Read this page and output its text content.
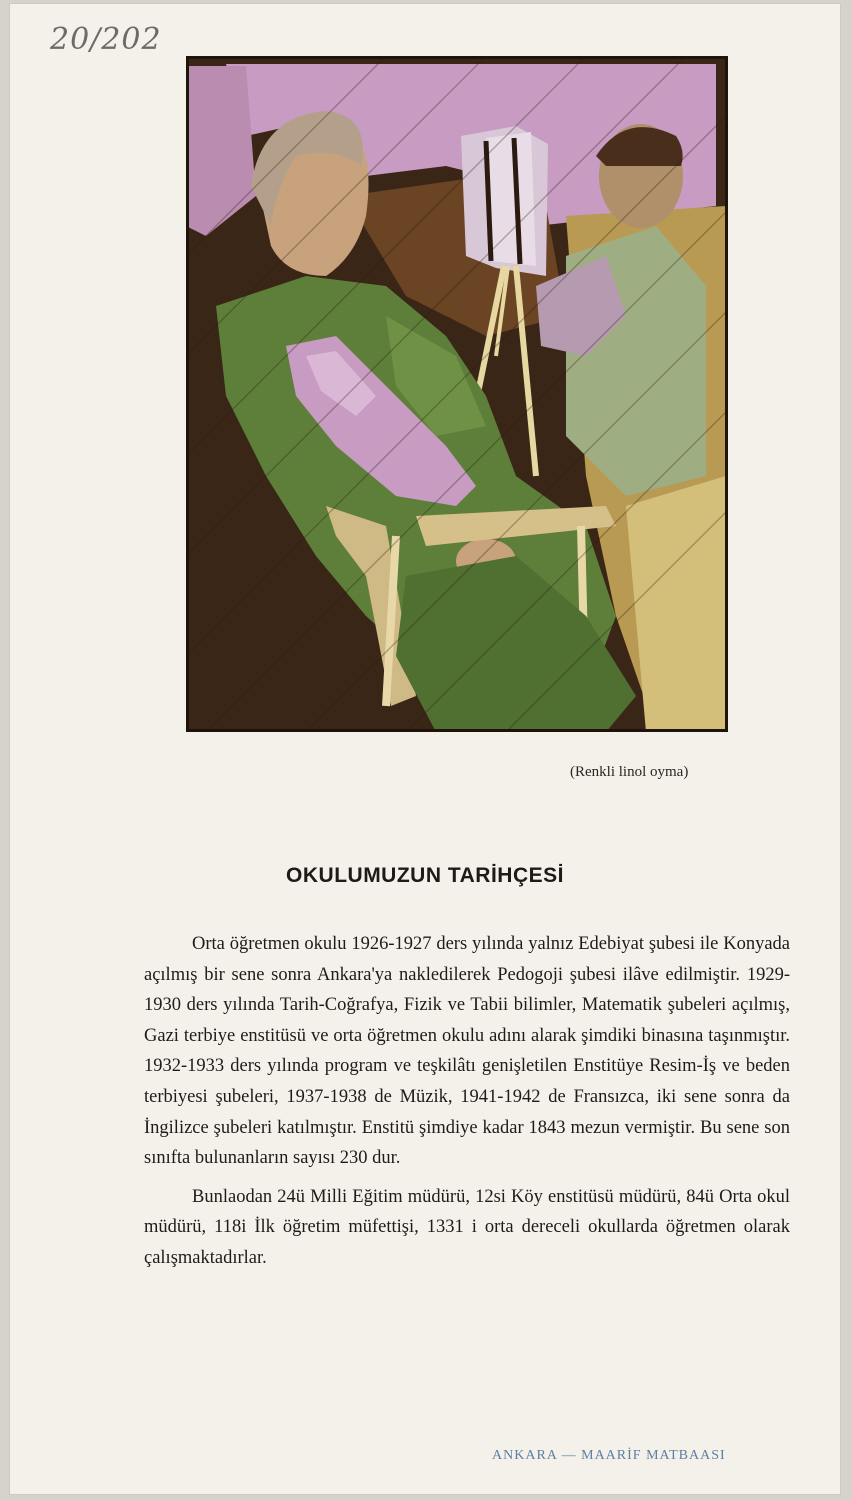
20/202
(Renkli linol oyma)
OKULUMUZUN TARİHÇESİ

Orta öğretmen okulu 1926-1927 ders yılında yalnız Edebiyat şubesi ile Konyada açılmış bir sene sonra Ankara'ya nakledilerek Pedogoji şubesi ilâve edilmiştir. 1929-1930 ders yılında Tarih-Coğrafya, Fizik ve Tabii bilimler, Matematik şubeleri açılmış, Gazi terbiye enstitüsü ve orta öğretmen okulu adını alarak şimdiki binasına taşınmıştır. 1932-1933 ders yılında program ve teşkilâtı genişletilen Enstitüye Resim-İş ve beden terbiyesi şubeleri, 1937-1938 de Müzik, 1941-1942 de Fransızca, iki sene sonra da İngilizce şubeleri katılmıştır. Enstitü şimdiye kadar 1843 mezun vermiştir. Bu sene son sınıfta bulunanların sayısı 230 dur.

Bunlaodan 24ü Milli Eğitim müdürü, 12si Köy enstitüsü müdürü, 84ü Orta okul müdürü, 118i İlk öğretim müfettişi, 1331 i orta dereceli okullarda öğretmen olarak çalışmaktadırlar.

ANKARA — MAARİF MATBAASI
